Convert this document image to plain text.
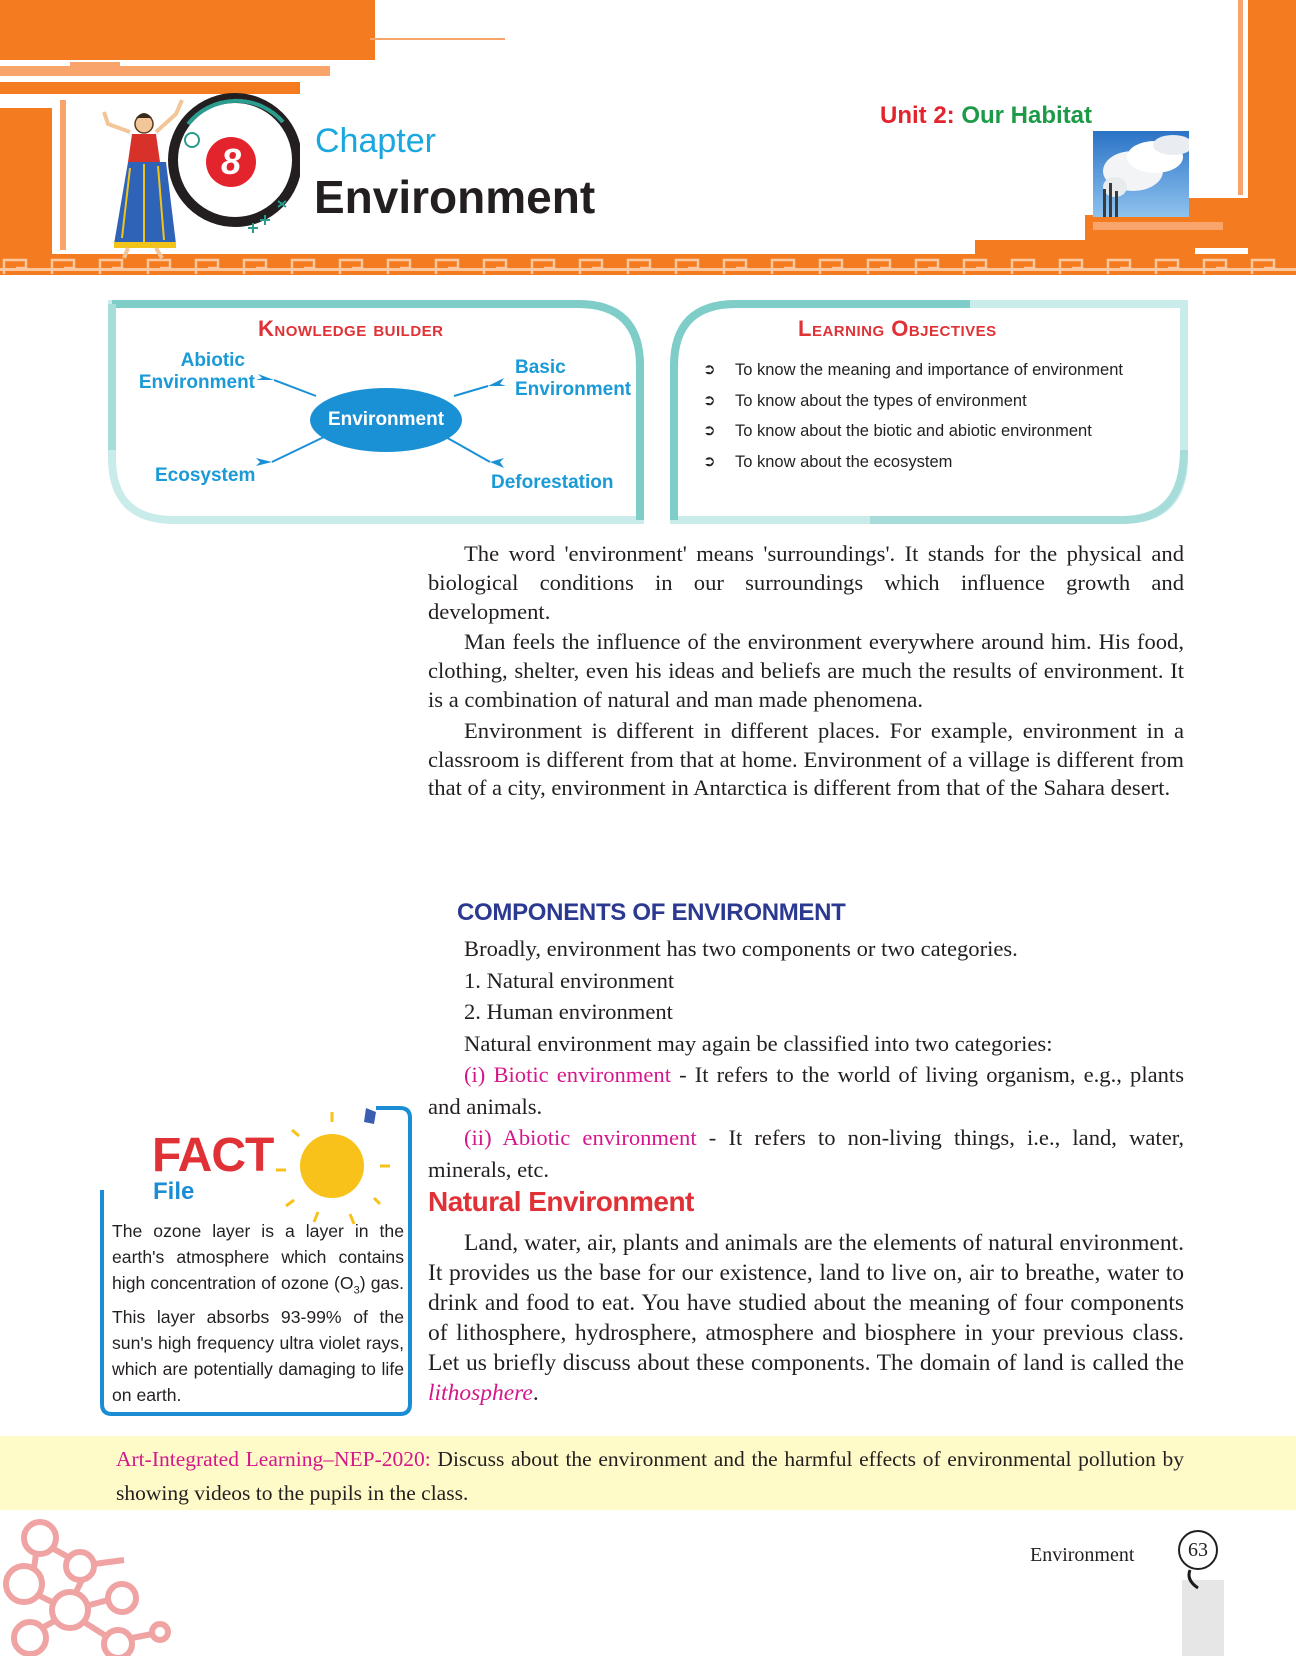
8	Chapter
Environment
Unit 2: Our Habitat
Knowledge builder
Environment
Abiotic
Environment
Basic
Environment
Ecosystem	Deforestation
Learning Objectives
➲	To know the meaning and importance of environment
➲	To know about the types of environment
➲	To know about the biotic and abiotic environment
➲	To know about the ecosystem

The word 'environment' means 'surroundings'. It stands for the physical and biological conditions in our surroundings which influence growth and development.

Man feels the influence of the environment everywhere around him. His food, clothing, shelter, even his ideas and beliefs are much the results of environment. It is a combination of natural and man made phenomena.

Environment is different in different places. For example, environment in a classroom is different from that at home. Environment of a village is different from that of a city, environment in Antarctica is different from that of the Sahara desert.

COMPONENTS OF ENVIRONMENT
Broadly, environment has two components or two categories.
1. Natural environment
2. Human environment
Natural environment may again be classified into two categories:
(i) Biotic environment - It refers to the world of living organism, e.g., plants and animals.
(ii) Abiotic environment - It refers to non-living things, i.e., land, water, minerals, etc.
Natural Environment

Land, water, air, plants and animals are the elements of natural environment. It provides us the base for our existence, land to live on, air to breathe, water to drink and food to eat. You have studied about the meaning of four components of lithosphere, hydrosphere, atmosphere and biosphere in your previous class. Let us briefly discuss about these components. The domain of land is called the lithosphere.

FACT
File

The ozone layer is a layer in the earth's atmosphere which contains high concentration of ozone $(O_3)$ gas. This layer absorbs 93-99% of the sun's high frequency ultra violet rays, which are potentially damaging to life on earth.

Art-Integrated Learning–NEP-2020: Discuss about the environment and the harmful effects of environmental pollution by showing videos to the pupils in the class.

Environment	63
